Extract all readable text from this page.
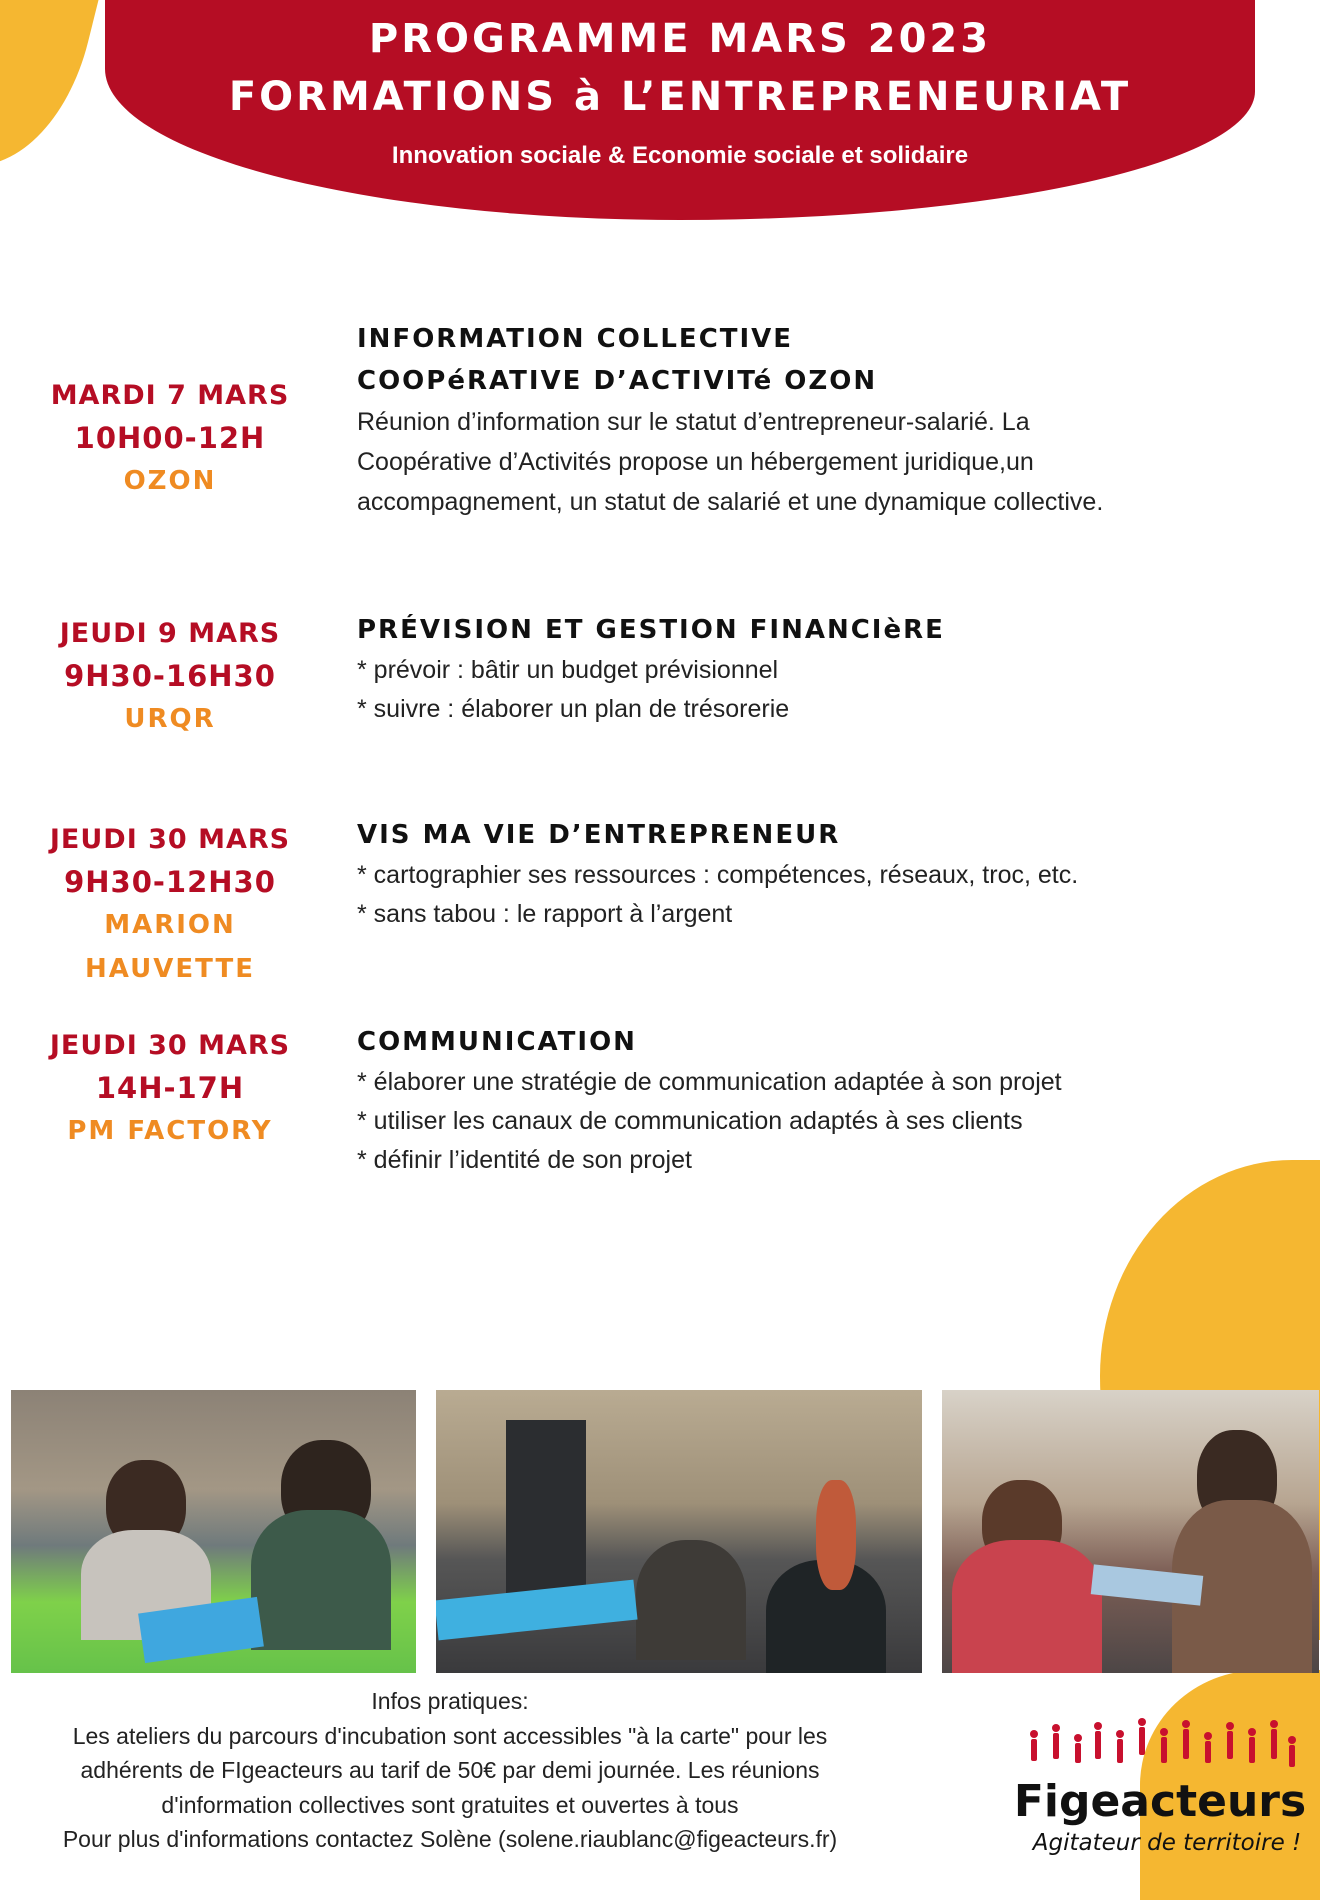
PROGRAMME MARS 2023
FORMATIONS à L’ENTREPRENEURIAT
Innovation sociale & Economie sociale et solidaire
MARDI 7 MARS
10H00-12H
OZON

INFORMATION COLLECTIVE

COOPéRATIVE D’ACTIVITé OZON

Réunion d’information sur le statut d’entrepreneur-salarié. La

Coopérative d’Activités propose un hébergement juridique,un

accompagnement, un statut de salarié et une dynamique collective.

JEUDI 9 MARS
9H30-16H30
URQR

PRÉVISION ET GESTION FINANCIèRE

* prévoir : bâtir un budget prévisionnel
* suivre : élaborer un plan de trésorerie
JEUDI 30 MARS
9H30-12H30
MARION HAUVETTE

VIS MA VIE D’ENTREPRENEUR

* cartographier ses ressources : compétences, réseaux, troc, etc.
* sans tabou : le rapport à l’argent
JEUDI 30 MARS
14H-17H
PM FACTORY

COMMUNICATION

* élaborer une stratégie de communication adaptée à son projet
* utiliser les canaux de communication adaptés à ses clients
* définir l’identité de son projet

Infos pratiques:

Les ateliers du parcours d'incubation sont accessibles "à la carte" pour les

adhérents de FIgeacteurs au tarif de 50€ par demi journée. Les réunions

d'information collectives sont gratuites et ouvertes à tous

Pour plus d'informations contactez Solène (solene.riaublanc@figeacteurs.fr)

Figeacteurs
Agitateur de territoire !
